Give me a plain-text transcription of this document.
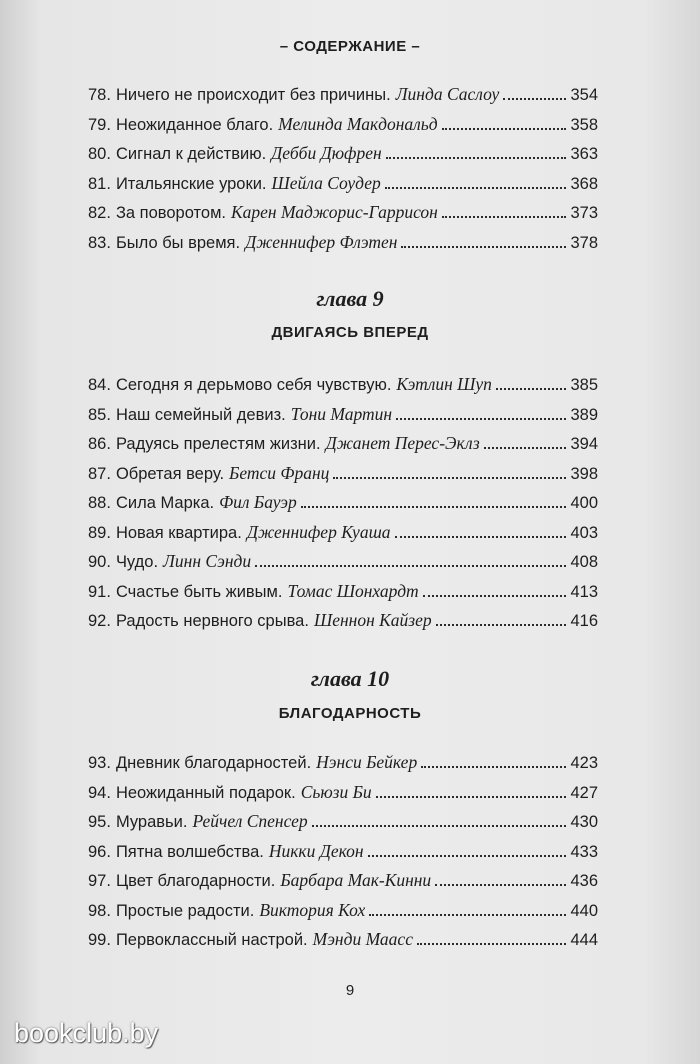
– СОДЕРЖАНИЕ –
78. Ничего не происходит без причины. Линда Саслоу	354
79. Неожиданное благо. Мелинда Макдональд	358
80. Сигнал к действию. Дебби Дюфрен	363
81. Итальянские уроки. Шейла Соудер	368
82. За поворотом. Карен Маджорис-Гаррисон	373
83. Было бы время. Дженнифер Флэтен	378
глава 9
ДВИГАЯСЬ ВПЕРЕД
84. Сегодня я дерьмово себя чувствую. Кэтлин Шуп	385
85. Наш семейный девиз. Тони Мартин	389
86. Радуясь прелестям жизни. Джанет Перес-Эклз	394
87. Обретая веру. Бетси Франц	398
88. Сила Марка. Фил Бауэр	400
89. Новая квартира. Дженнифер Куаша	403
90. Чудо. Линн Сэнди	408
91. Счастье быть живым. Томас Шонхардт	413
92. Радость нервного срыва. Шеннон Кайзер	416
глава 10
БЛАГОДАРНОСТЬ
93. Дневник благодарностей. Нэнси Бейкер	423
94. Неожиданный подарок. Сьюзи Би	427
95. Муравьи. Рейчел Спенсер	430
96. Пятна волшебства. Никки Декон	433
97. Цвет благодарности. Барбара Мак-Кинни	436
98. Простые радости. Виктория Кох	440
99. Первоклассный настрой. Мэнди Маасс	444
9
bookclub.by
